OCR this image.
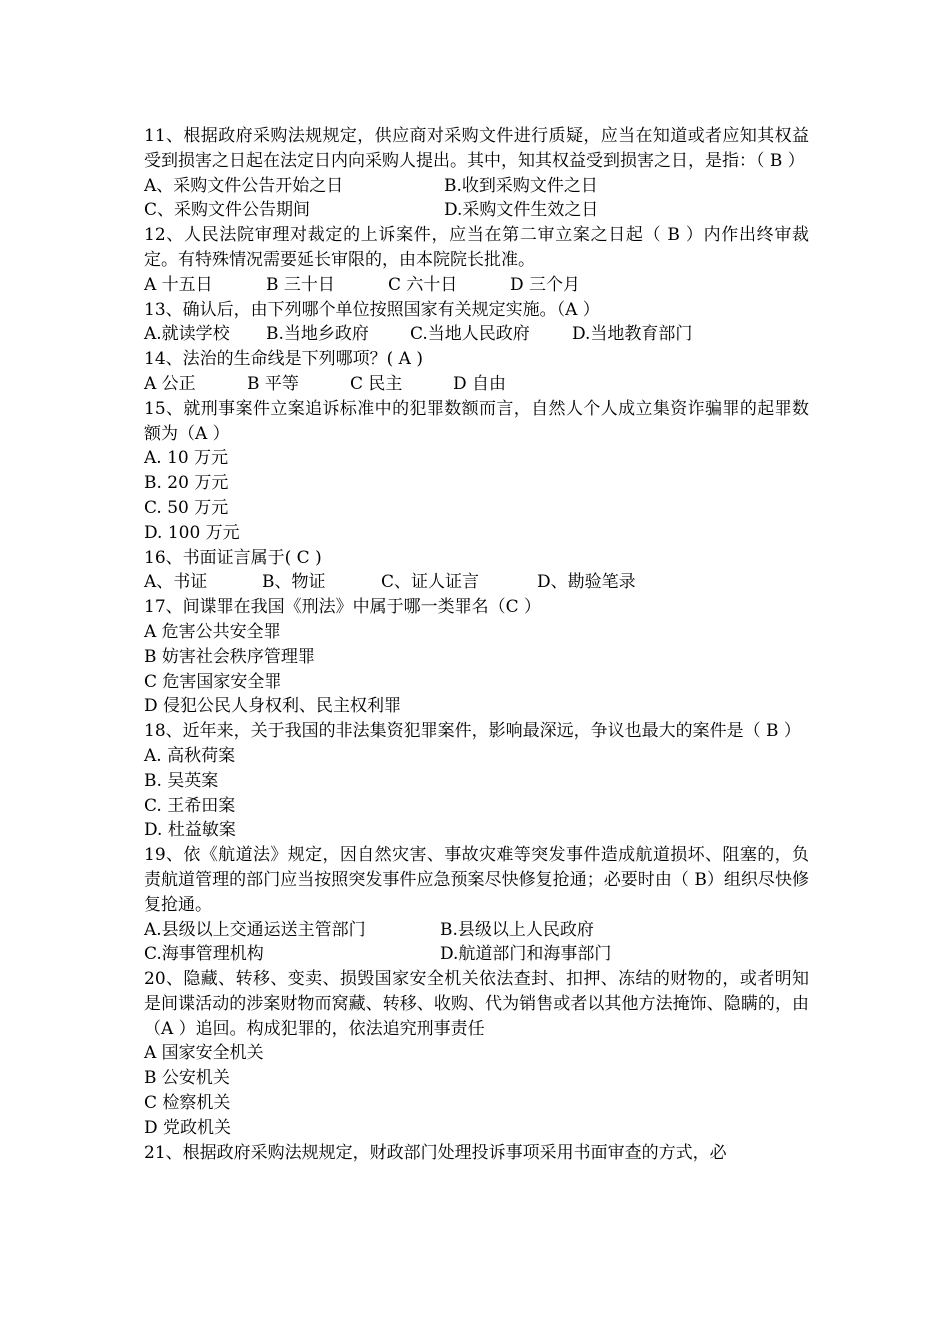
11、根据政府采购法规规定，供应商对采购文件进行质疑，应当在知道或者应知其权益受到损害之日起在法定日内向采购人提出。其中，知其权益受到损害之日，是指：（ B ）
A、采购文件公告开始之日	B.收到采购文件之日
C、采购文件公告期间	D.采购文件生效之日
12、人民法院审理对裁定的上诉案件，应当在第二审立案之日起（ B ）内作出终审裁定。有特殊情况需要延长审限的，由本院院长批准。
A 十五日	B 三十日	C 六十日	D 三个月
13、确认后，由下列哪个单位按照国家有关规定实施。（A ）
A.就读学校	B.当地乡政府	C.当地人民政府	D.当地教育部门
14、法治的生命线是下列哪项？( A )
A 公正	B 平等	C 民主	D 自由
15、就刑事案件立案追诉标准中的犯罪数额而言，自然人个人成立集资诈骗罪的起罪数额为（A ）
A. 10 万元
B. 20 万元
C. 50 万元
D. 100 万元
16、书面证言属于( C )
A、书证	B、物证	C、证人证言	D、勘验笔录
17、间谍罪在我国《刑法》中属于哪一类罪名（C ）
A 危害公共安全罪
B 妨害社会秩序管理罪
C 危害国家安全罪
D 侵犯公民人身权利、民主权利罪
18、近年来，关于我国的非法集资犯罪案件，影响最深远，争议也最大的案件是（ B ）
A. 高秋荷案
B. 吴英案
C. 王希田案
D. 杜益敏案
19、依《航道法》规定，因自然灾害、事故灾难等突发事件造成航道损坏、阻塞的，负责航道管理的部门应当按照突发事件应急预案尽快修复抢通；必要时由（ B）组织尽快修复抢通。
A.县级以上交通运送主管部门	B.县级以上人民政府
C.海事管理机构	D.航道部门和海事部门
20、隐藏、转移、变卖、损毁国家安全机关依法查封、扣押、冻结的财物的，或者明知是间谍活动的涉案财物而窝藏、转移、收购、代为销售或者以其他方法掩饰、隐瞒的，由（A ）追回。构成犯罪的，依法追究刑事责任
A 国家安全机关
B 公安机关
C 检察机关
D 党政机关
21、根据政府采购法规规定，财政部门处理投诉事项采用书面审查的方式，必
